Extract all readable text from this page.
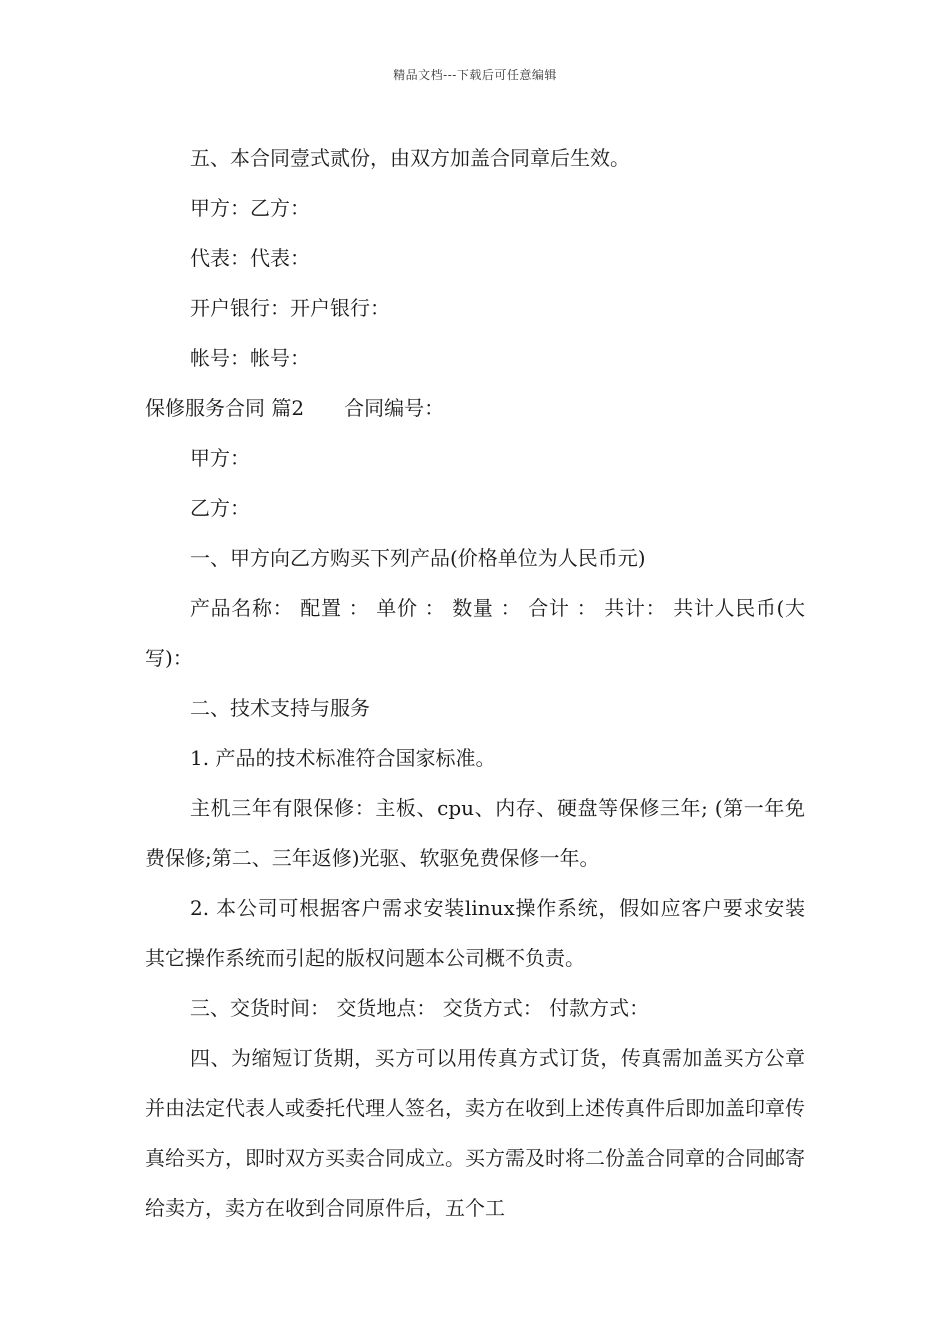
精品文档---下载后可任意编辑

五、本合同壹式贰份，由双方加盖合同章后生效。

甲方：乙方：

代表：代表：

开户银行：开户银行：

帐号：帐号：

保修服务合同 篇2 合同编号：

甲方：

乙方：

一、甲方向乙方购买下列产品(价格单位为人民币元)

产品名称： 配置 ： 单价 ： 数量 ： 合计 ： 共计： 共计人民币(大写)：

二、技术支持与服务

1. 产品的技术标准符合国家标准。

主机三年有限保修：主板、cpu、内存、硬盘等保修三年; (第一年免费保修;第二、三年返修)光驱、软驱免费保修一年。

2. 本公司可根据客户需求安装linux操作系统，假如应客户要求安装其它操作系统而引起的版权问题本公司概不负责。

三、交货时间： 交货地点： 交货方式： 付款方式：

四、为缩短订货期，买方可以用传真方式订货，传真需加盖买方公章并由法定代表人或委托代理人签名，卖方在收到上述传真件后即加盖印章传真给买方，即时双方买卖合同成立。买方需及时将二份盖合同章的合同邮寄给卖方，卖方在收到合同原件后，五个工
